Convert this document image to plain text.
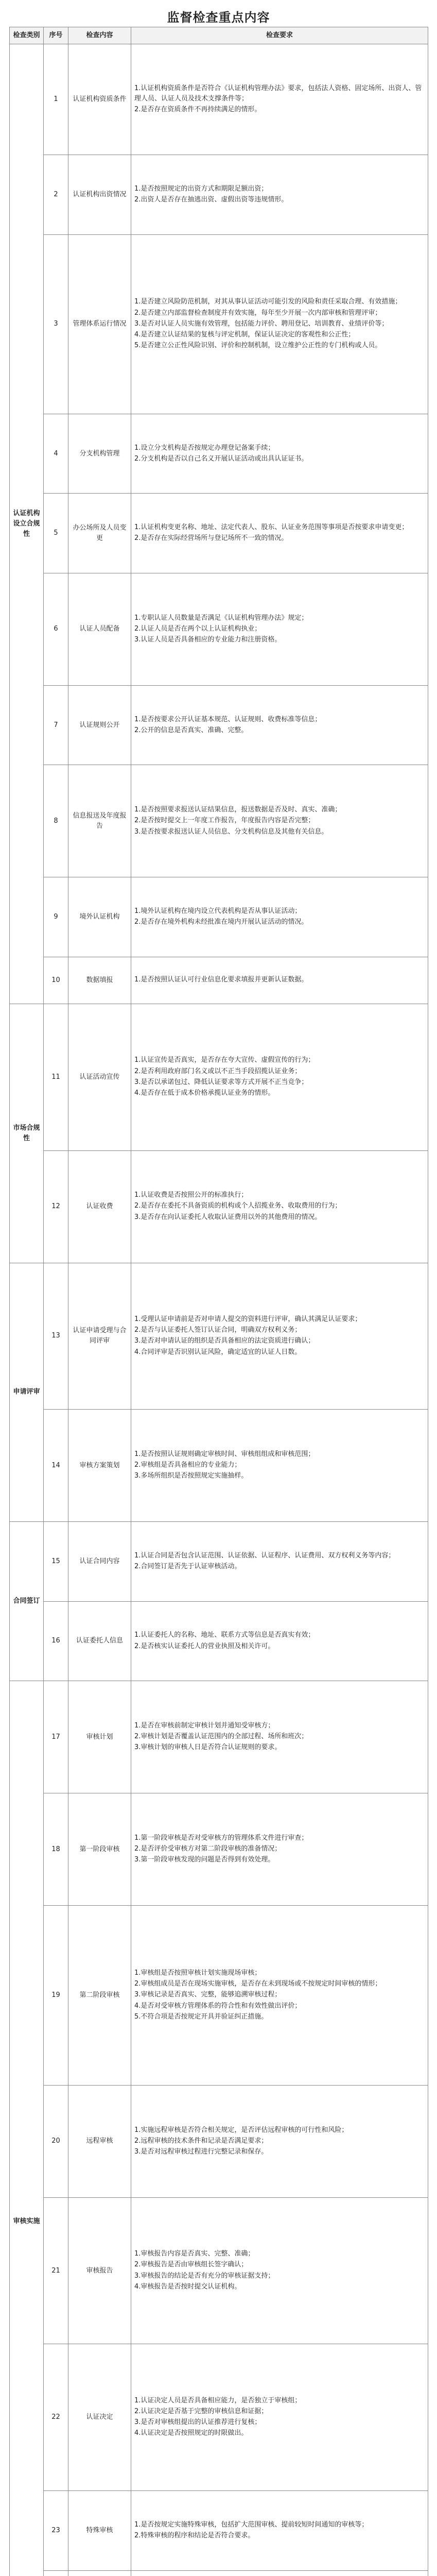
监督检查重点内容
检查类别	序号	检查内容	检查要求
认证机构设立合规性	1	认证机构资质条件	1.认证机构资质条件是否符合《认证机构管理办法》要求，包括法人资格、固定场所、出资人、管理人员、认证人员及技术支撑条件等；

2.是否存在资质条件不再持续满足的情形。

	2	认证机构出资情况	1.是否按照规定的出资方式和期限足额出资；

2.出资人是否存在抽逃出资、虚假出资等违规情形。

	3	管理体系运行情况	1.是否建立风险防范机制，对其从事认证活动可能引发的风险和责任采取合理、有效措施；

2.是否建立内部监督检查制度并有效实施，每年至少开展一次内部审核和管理评审；

3.是否对认证人员实施有效管理，包括能力评价、聘用登记、培训教育、业绩评价等；

4.是否建立认证结果的复核与评定机制，保证认证决定的客观性和公正性；

5.是否建立公正性风险识别、评价和控制机制，设立维护公正性的专门机构或人员。

	4	分支机构管理	1.设立分支机构是否按规定办理登记备案手续；

2.分支机构是否以自己名义开展认证活动或出具认证证书。

	5	办公场所及人员变更	1.认证机构变更名称、地址、法定代表人、股东、认证业务范围等事项是否按要求申请变更；

2.是否存在实际经营场所与登记场所不一致的情况。

	6	认证人员配备	1.专职认证人员数量是否满足《认证机构管理办法》规定；

2.认证人员是否在两个以上认证机构执业；

3.认证人员是否具备相应的专业能力和注册资格。

	7	认证规则公开	1.是否按要求公开认证基本规范、认证规则、收费标准等信息；

2.公开的信息是否真实、准确、完整。

	8	信息报送及年度报告	1.是否按照要求报送认证结果信息，报送数据是否及时、真实、准确；

2.是否按时提交上一年度工作报告，年度报告内容是否完整；

3.是否按要求报送认证人员信息、分支机构信息及其他有关信息。

	9	境外认证机构	1.境外认证机构在境内设立代表机构是否从事认证活动；

2.是否存在境外机构未经批准在境内开展认证活动的情况。

	10	数据填报	1.是否按照认证认可行业信息化要求填报并更新认证数据。

市场合规性	11	认证活动宣传	1.认证宣传是否真实，是否存在夸大宣传、虚假宣传的行为；

2.是否利用政府部门名义或以不正当手段招揽认证业务；

3.是否以承诺包过、降低认证要求等方式开展不正当竞争；

4.是否存在低于成本价格承揽认证业务的情形。

	12	认证收费	1.认证收费是否按照公开的标准执行；

2.是否存在委托不具备资质的机构或个人招揽业务、收取费用的行为；

3.是否存在向认证委托人收取认证费用以外的其他费用的情况。

申请评审	13	认证申请受理与合同评审	1.受理认证申请前是否对申请人提交的资料进行评审，确认其满足认证要求；

2.是否与认证委托人签订认证合同，明确双方权利义务；

3.是否对申请认证的组织是否具备相应的法定资质进行确认；

4.合同评审是否识别认证风险，确定适宜的认证人日数。

	14	审核方案策划	1.是否按照认证规则确定审核时间、审核组组成和审核范围；

2.审核组是否具备相应的专业能力；

3.多场所组织是否按照规定实施抽样。

合同签订	15	认证合同内容	1.认证合同是否包含认证范围、认证依据、认证程序、认证费用、双方权利义务等内容；

2.合同签订是否先于认证审核活动。

	16	认证委托人信息	1.认证委托人的名称、地址、联系方式等信息是否真实有效；

2.是否核实认证委托人的营业执照及相关许可。

审核实施	17	审核计划	1.是否在审核前制定审核计划并通知受审核方；

2.审核计划是否覆盖认证范围内的全部过程、场所和班次；

3.审核计划的审核人日是否符合认证规则的要求。

	18	第一阶段审核	1.第一阶段审核是否对受审核方的管理体系文件进行审查；

2.是否评价受审核方对第二阶段审核的准备情况；

3.第一阶段审核发现的问题是否得到有效处理。

	19	第二阶段审核	1.审核组是否按照审核计划实施现场审核；

2.审核组成员是否在现场实施审核，是否存在未到现场或不按规定时间审核的情形；

3.审核记录是否真实、完整，能够追溯审核过程；

4.是否对受审核方管理体系的符合性和有效性做出评价；

5.不符合项是否按规定开具并验证纠正措施。

	20	远程审核	1.实施远程审核是否符合相关规定，是否评估远程审核的可行性和风险；

2.远程审核的技术条件和记录是否满足要求；

3.是否对远程审核过程进行完整记录和保存。

	21	审核报告	1.审核报告内容是否真实、完整、准确；

2.审核报告是否由审核组长签字确认；

3.审核报告的结论是否有充分的审核证据支持；

4.审核报告是否按时提交认证机构。

	22	认证决定	1.认证决定人员是否具备相应能力，是否独立于审核组；

2.认证决定是否基于完整的审核信息和证据；

3.是否对审核组提出的认证推荐进行复核；

4.认证决定是否按照规定的时限做出。

	23	特殊审核	1.是否按规定实施特殊审核，包括扩大范围审核、提前较短时间通知的审核等；

2.特殊审核的程序和结论是否符合要求。
